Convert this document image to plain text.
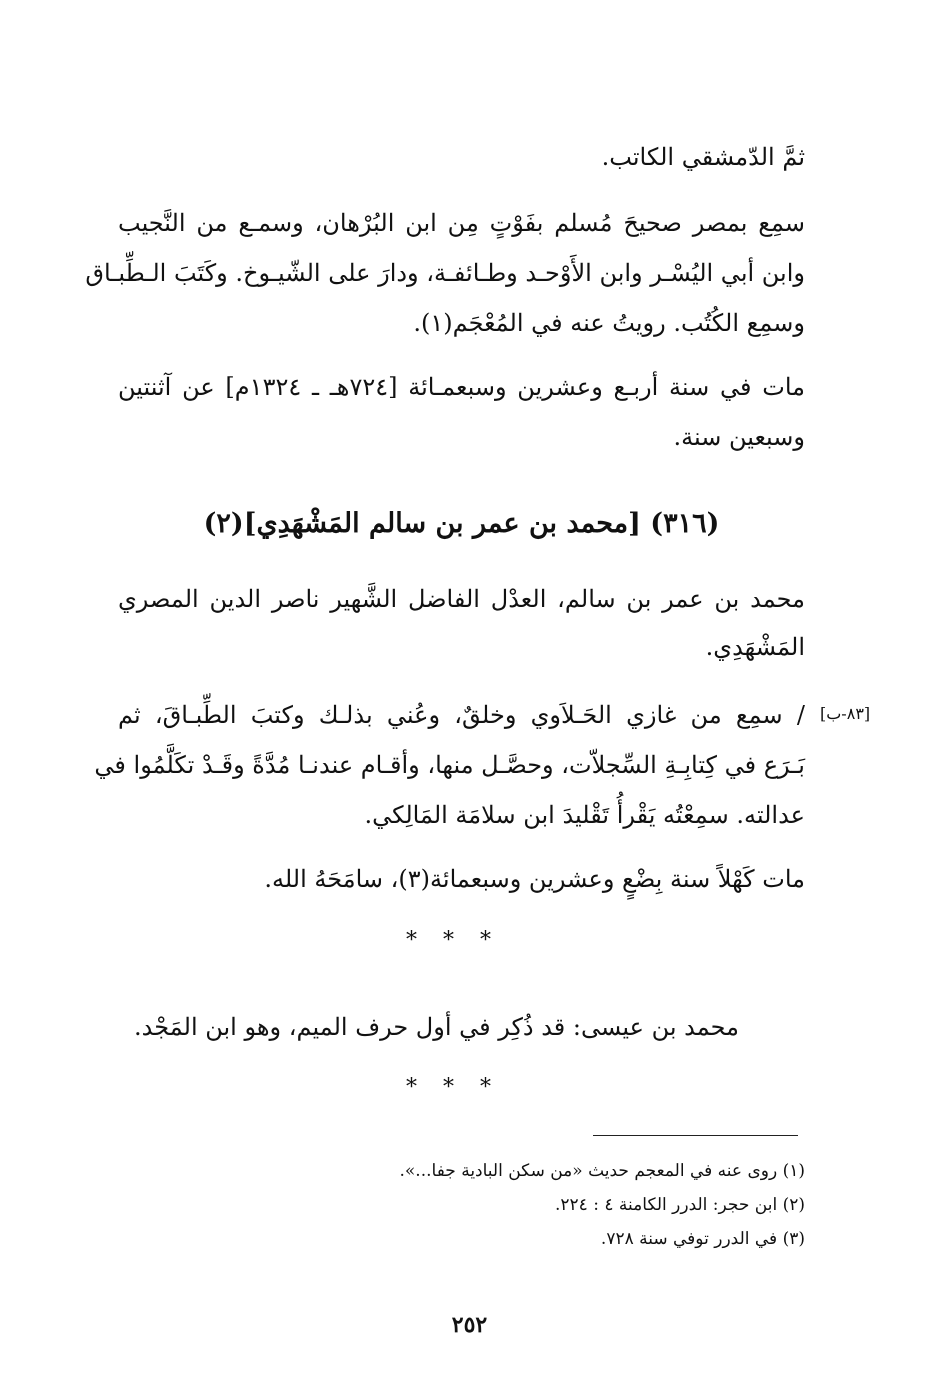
ثمَّ الدّمشقي الكاتب.
سمِع بمصر صحيحَ مُسلم بفَوْتٍ مِن ابن البُرْهان، وسمـع من النَّجيب
وابن أبي اليُسْـر وابن الأَوْحـد وطـائفـة، ودارَ على الشّيـوخ. وكَتَبَ الـطِّبـاق
وسمِع الكُتُب. رويتُ عنه في المُعْجَم(١).
مات في سنة أربـع وعشرين وسبعمـائة [٧٢٤هـ ـ ١٣٢٤م] عن آثنتين
وسبعين سنة.
(٣١٦) [محمد بن عمر بن سالم المَشْهَدِي](٢)
محمد بن عمر بن سالم، العدْل الفاضل الشَّهير ناصر الدين المصري
المَشْهَدِي.
[٨٣-ب]
/ سمِع من غازي الحَـلاَوي وخلقٌ، وعُني بذلـك وكتبَ الطِّبـاقَ، ثم
بَـرَع في كِتابِـةِ السِّجلاّت، وحصَّـل منها، وأقـام عندنـا مُدَّةً وقَـدْ تكَلَّمُوا في
عدالته. سمِعْتُه يَقْرأُ تَقْليدَ ابن سلامَة المَالِكي.
مات كَهْلاً سنة بِضْعٍ وعشرين وسبعمائة(٣)، سامَحَهُ الله.
***
محمد بن عيسى: قد ذُكِر في أول حرف الميم، وهو ابن المَجْد.
***
(١) روى عنه في المعجم حديث «من سكن البادية جفا...».
(٢) ابن حجر: الدرر الكامنة ٤ : ٢٢٤.
(٣) في الدرر توفي سنة ٧٢٨.
٢٥٢
